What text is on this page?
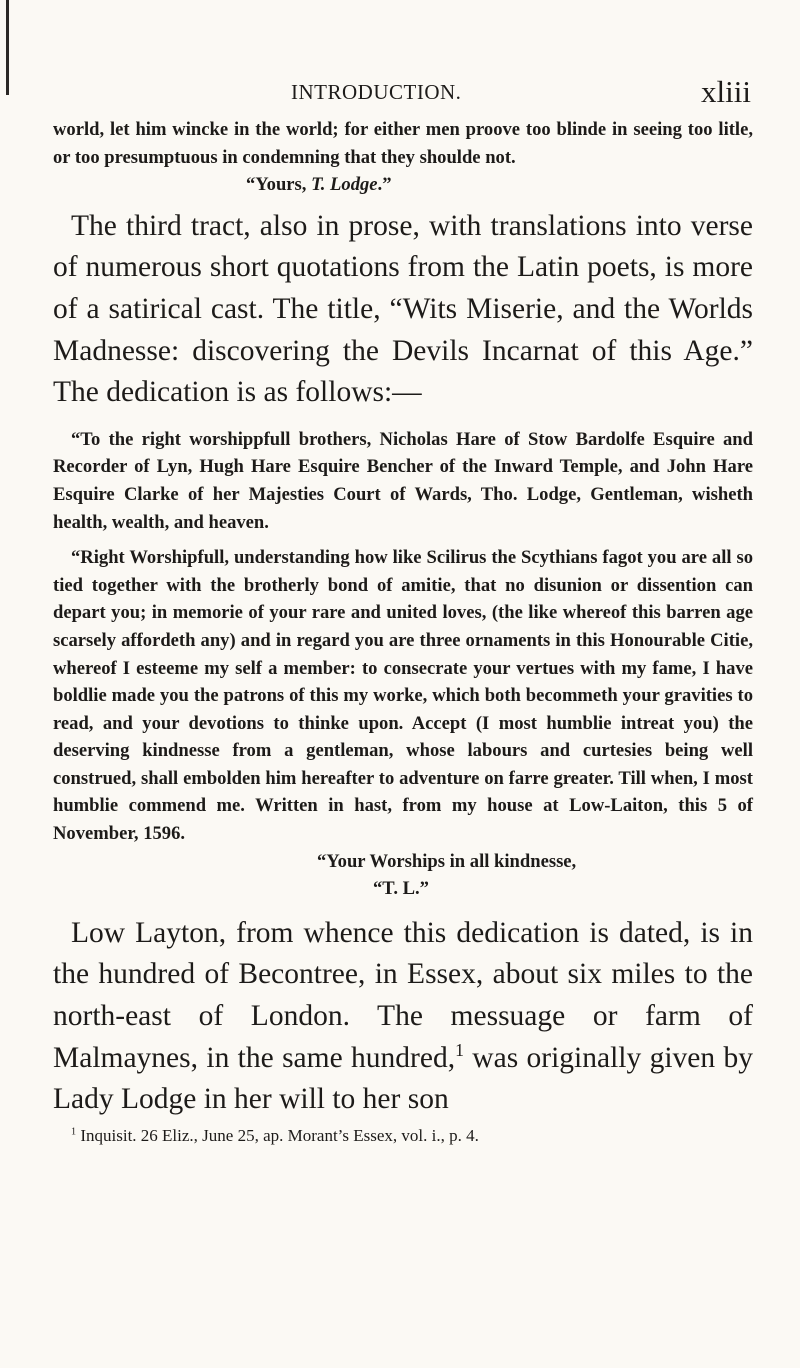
INTRODUCTION.	xliii

world, let him wincke in the world; for either men proove too blinde in seeing too litle, or too presumptuous in condemning that they shoulde not.

“Yours, T. Lodge.”

The third tract, also in prose, with translations into verse of numerous short quotations from the Latin poets, is more of a satirical cast. The title, “Wits Miserie, and the Worlds Madnesse: discovering the Devils Incarnat of this Age.” The dedication is as follows:—

“To the right worshippfull brothers, Nicholas Hare of Stow Bardolfe Esquire and Recorder of Lyn, Hugh Hare Esquire Bencher of the Inward Temple, and John Hare Esquire Clarke of her Majesties Court of Wards, Tho. Lodge, Gentleman, wisheth health, wealth, and heaven.

“Right Worshipfull, understanding how like Scilirus the Scythians fagot you are all so tied together with the brotherly bond of amitie, that no disunion or dissention can depart you; in memorie of your rare and united loves, (the like whereof this barren age scarsely affordeth any) and in regard you are three ornaments in this Honourable Citie, whereof I esteeme my self a member: to consecrate your vertues with my fame, I have boldlie made you the patrons of this my worke, which both becommeth your gravities to read, and your devotions to thinke upon. Accept (I most humblie intreat you) the deserving kindnesse from a gentleman, whose labours and curtesies being well construed, shall embolden him hereafter to adventure on farre greater. Till when, I most humblie commend me. Written in hast, from my house at Low-Laiton, this 5 of November, 1596.

“Your Worships in all kindnesse,

“T. L.”

Low Layton, from whence this dedication is dated, is in the hundred of Becontree, in Essex, about six miles to the north-east of London. The messuage or farm of Malmaynes, in the same hundred,$^1$ was originally given by Lady Lodge in her will to her son

$^1$ Inquisit. 26 Eliz., June 25, ap. Morant’s Essex, vol. i., p. 4.
